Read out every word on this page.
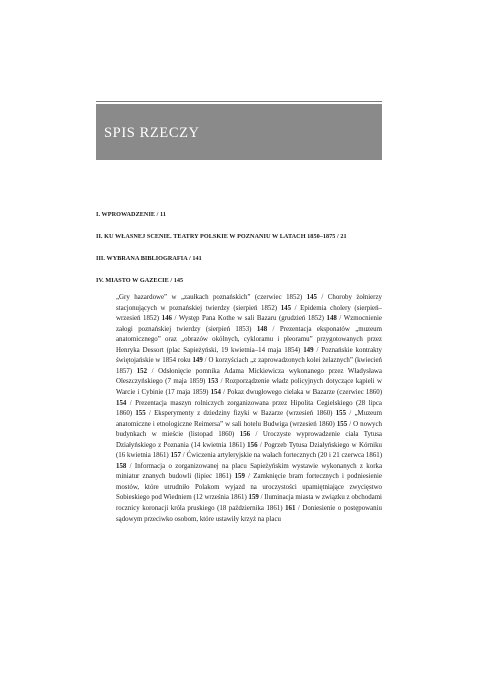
SPIS RZECZY
I. WPROWADZENIE / 11
II. KU WŁASNEJ SCENIE. TEATRY POLSKIE W POZNANIU W LATACH 1850–1875 / 21
III. WYBRANA BIBLIOGRAFIA / 141
IV. MIASTO W GAZECIE / 145
„Gry hazardowe” w „zaułkach poznańskich” (czerwiec 1852) 145 / Choroby żołnierzy stacjonujących w poznańskiej twierdzy (sierpień 1852) 145 / Epidemia cholery (sierpień–wrzesień 1852) 146 / Występ Pana Kothe w sali Bazaru (grudzień 1852) 148 / Wzmocnienie załogi poznańskiej twierdzy (sierpień 1853) 148 / Prezentacja eksponatów „muzeum anatomicznego” oraz „obrazów okólnych, cykloramu i pleoramu” przygotowanych przez Henryka Dessort (plac Sapieżyński, 19 kwietnia–14 maja 1854) 149 / Poznańskie kontrakty świętojańskie w 1854 roku 149 / O korzyściach „z zaprowadzonych kolei żelaznych” (kwiecień 1857) 152 / Odsłonięcie pomnika Adama Mickiewicza wykonanego przez Władysława Oleszczyńskiego (7 maja 1859) 153 / Rozporządzenie władz policyjnych dotyczące kąpieli w Warcie i Cybinie (17 maja 1859) 154 / Pokaz dwugłowego cielaka w Bazarze (czerwiec 1860) 154 / Prezentacja maszyn rolniczych zorganizowana przez Hipolita Cegielskiego (28 lipca 1860) 155 / Eksperymenty z dziedziny fizyki w Bazarze (wrzesień 1860) 155 / „Muzeum anatomiczne i etnologiczne Reimersa” w sali hotelu Budwiga (wrzesień 1860) 155 / O nowych budynkach w mieście (listopad 1860) 156 / Uroczyste wyprowadzenie ciała Tytusa Działyńskiego z Poznania (14 kwietnia 1861) 156 / Pogrzeb Tytusa Działyńskiego w Kórniku (16 kwietnia 1861) 157 / Ćwiczenia artyleryjskie na wałach fortecznych (20 i 21 czerwca 1861) 158 / Informacja o zorganizowanej na placu Sapieżyńskim wystawie wykonanych z korka miniatur znanych budowli (lipiec 1861) 159 / Zamknięcie bram fortecznych i podniesienie mostów, które utrudniło Polakom wyjazd na uroczystości upamiętniające zwycięstwo Sobieskiego pod Wiedniem (12 września 1861) 159 / Iluminacja miasta w związku z obchodami rocznicy koronacji króla pruskiego (18 października 1861) 161 / Doniesienie o postępowaniu sądowym przeciwko osobom, które ustawiły krzyż na placu
